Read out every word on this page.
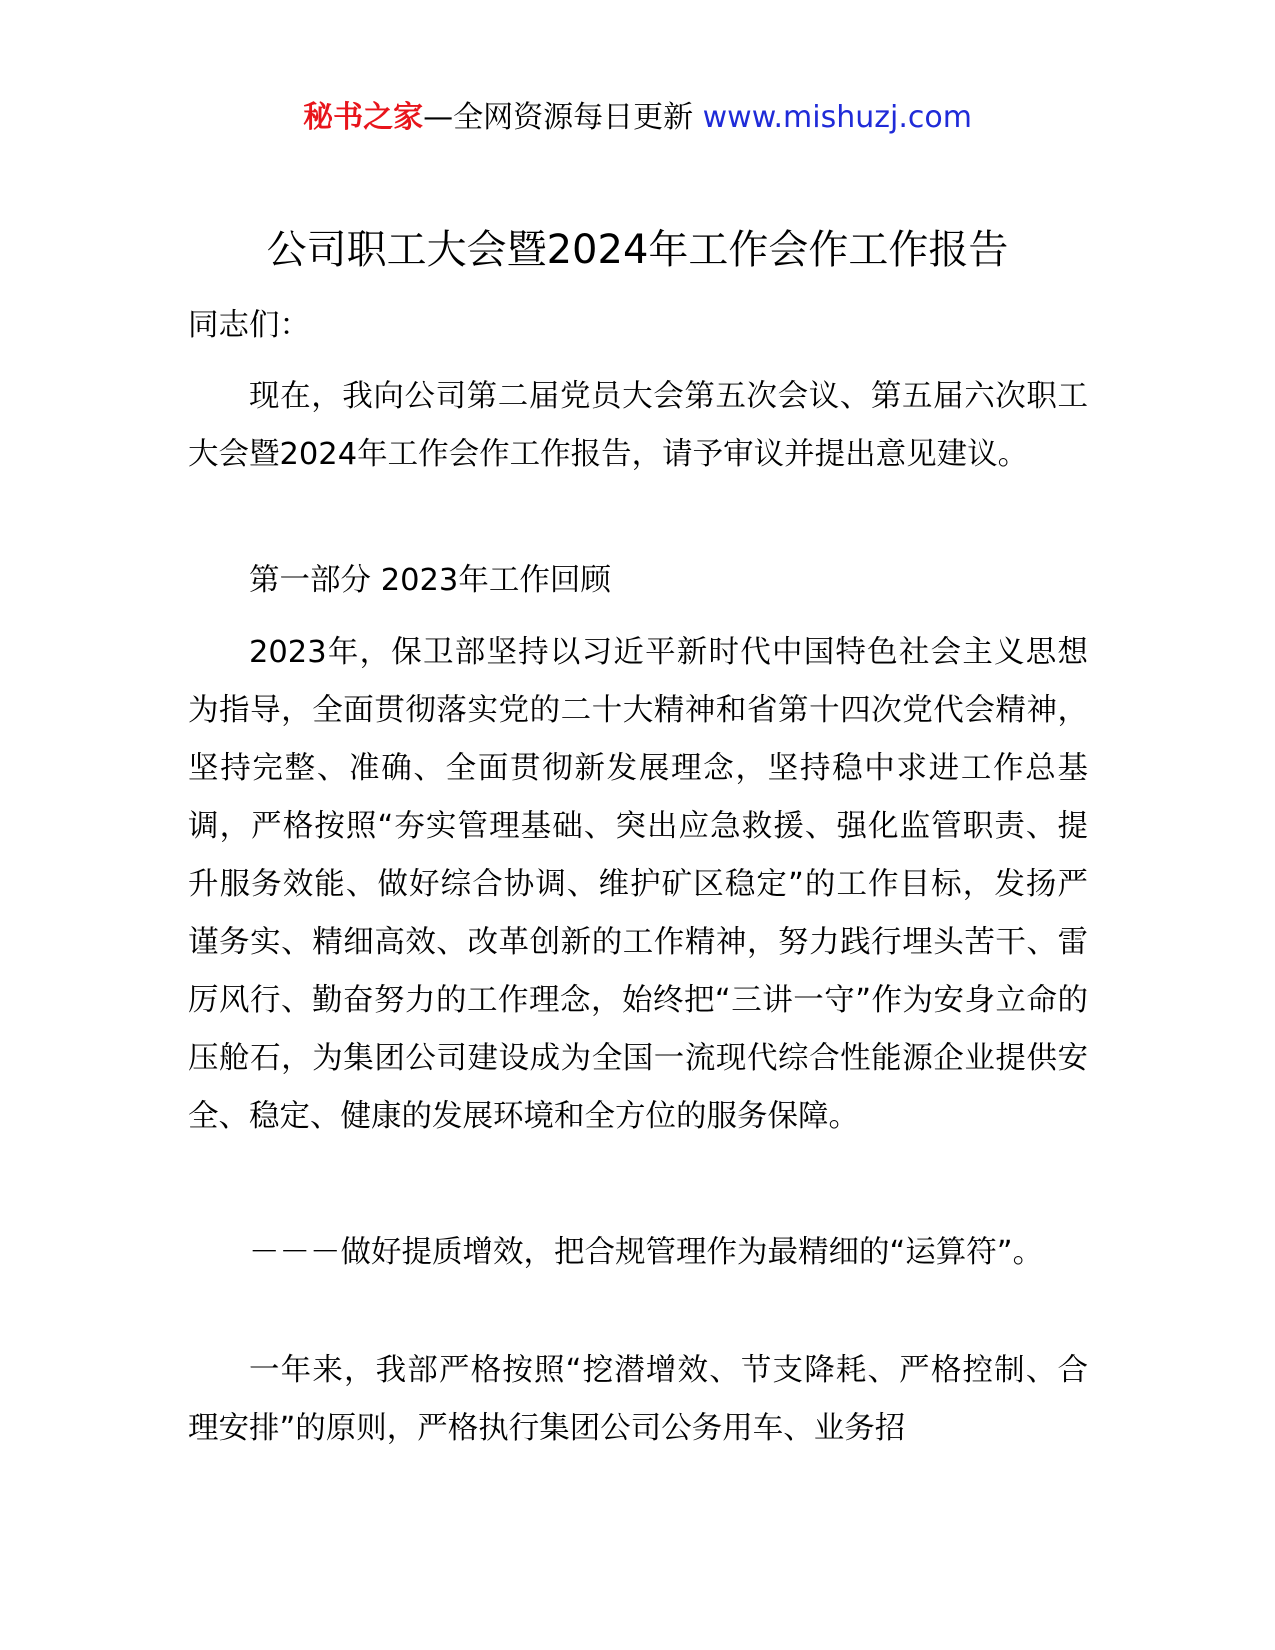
秘书之家—全网资源每日更新 www.mishuzj.com
公司职工大会暨2024年工作会作工作报告

同志们：

现在，我向公司第二届党员大会第五次会议、第五届六次职工大会暨2024年工作会作工作报告，请予审议并提出意见建议。

第一部分 2023年工作回顾

2023年，保卫部坚持以习近平新时代中国特色社会主义思想为指导，全面贯彻落实党的二十大精神和省第十四次党代会精神，坚持完整、准确、全面贯彻新发展理念，坚持稳中求进工作总基调，严格按照“夯实管理基础、突出应急救援、强化监管职责、提升服务效能、做好综合协调、维护矿区稳定”的工作目标，发扬严谨务实、精细高效、改革创新的工作精神，努力践行埋头苦干、雷厉风行、勤奋努力的工作理念，始终把“三讲一守”作为安身立命的压舱石，为集团公司建设成为全国一流现代综合性能源企业提供安全、稳定、健康的发展环境和全方位的服务保障。

－－－做好提质增效，把合规管理作为最精细的“运算符”。

一年来，我部严格按照“挖潜增效、节支降耗、严格控制、合理安排”的原则，严格执行集团公司公务用车、业务招
